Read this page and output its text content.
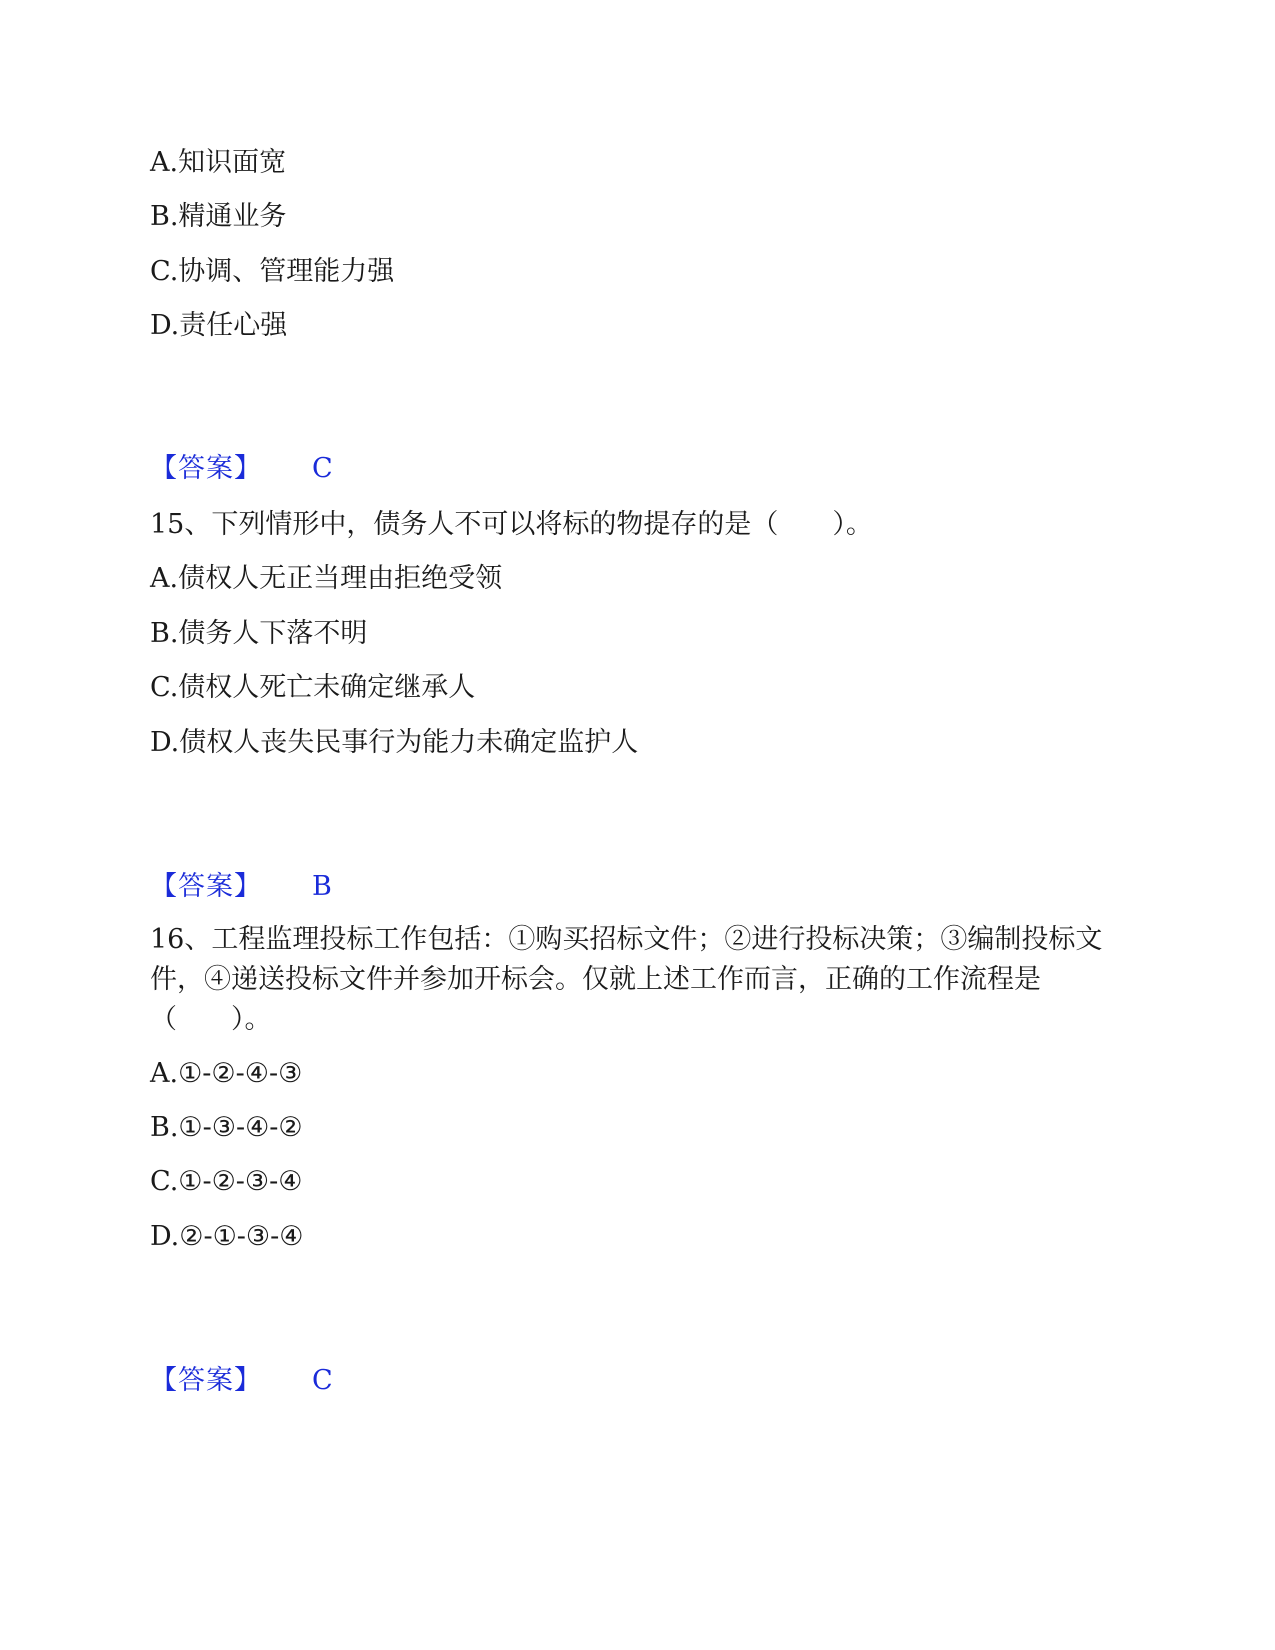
A.知识面宽
B.精通业务
C.协调、管理能力强
D.责任心强
【答案】 C
15、下列情形中，债务人不可以将标的物提存的是（　　）。
A.债权人无正当理由拒绝受领
B.债务人下落不明
C.债权人死亡未确定继承人
D.债权人丧失民事行为能力未确定监护人
【答案】 B
16、工程监理投标工作包括：①购买招标文件；②进行投标决策；③编制投标文件，④递送投标文件并参加开标会。仅就上述工作而言，正确的工作流程是（　　）。
A.①-②-④-③
B.①-③-④-②
C.①-②-③-④
D.②-①-③-④
【答案】 C
